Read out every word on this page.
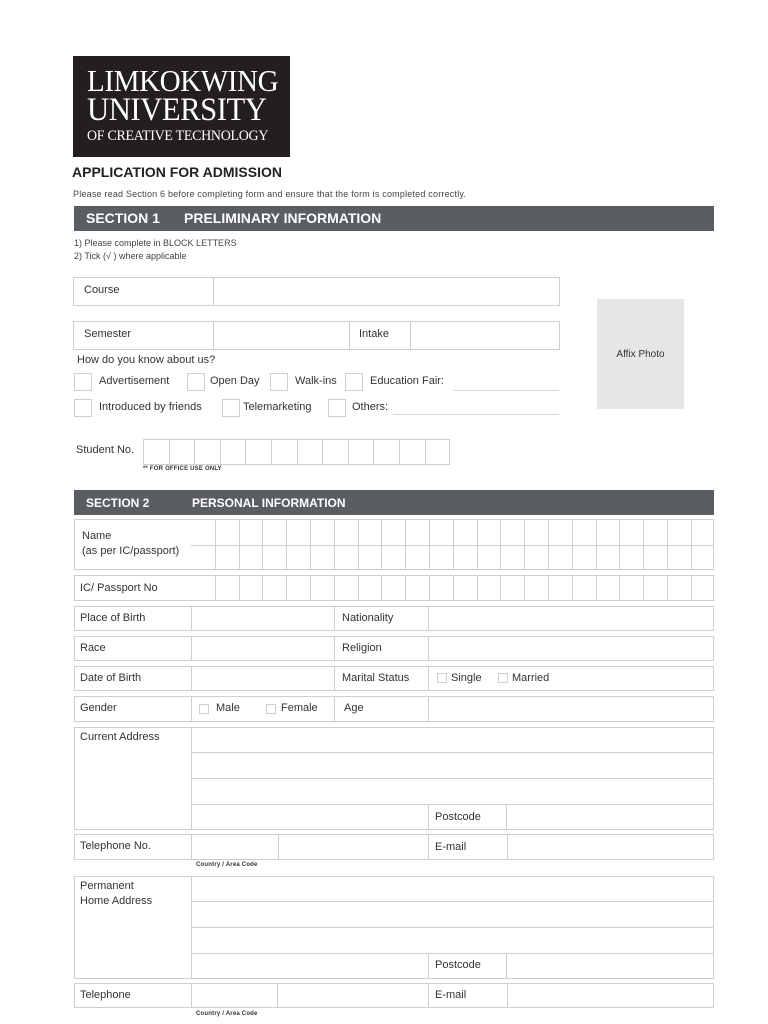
LIMKOKWING
UNIVERSITY
OF CREATIVE TECHNOLOGY
APPLICATION FOR ADMISSION
Please read Section 6 before completing form and ensure that the form is completed correctly.
SECTION 1 PRELIMINARY INFORMATION
1) Please complete in BLOCK LETTERS
2) Tick (√ ) where applicable
Course
Semester	Intake
Affix Photo
How do you know about us?
Advertisement	Open Day	Walk-ins	Education Fair:
Introduced by friends	Telemarketing	Others:
Student No.
** FOR OFFICE USE ONLY
SECTION 2	PERSONAL INFORMATION
Name
(as per IC/passport)
IC/ Passport No
Place of Birth	Nationality
Race	Religion
Date of Birth	Marital Status	Single	Married
Gender	Male	Female Age
Current Address
Postcode
Telephone No.	E-mail
Country / Area Code
Permanent
Home Address
Postcode
Telephone	E-mail
Country / Area Code
